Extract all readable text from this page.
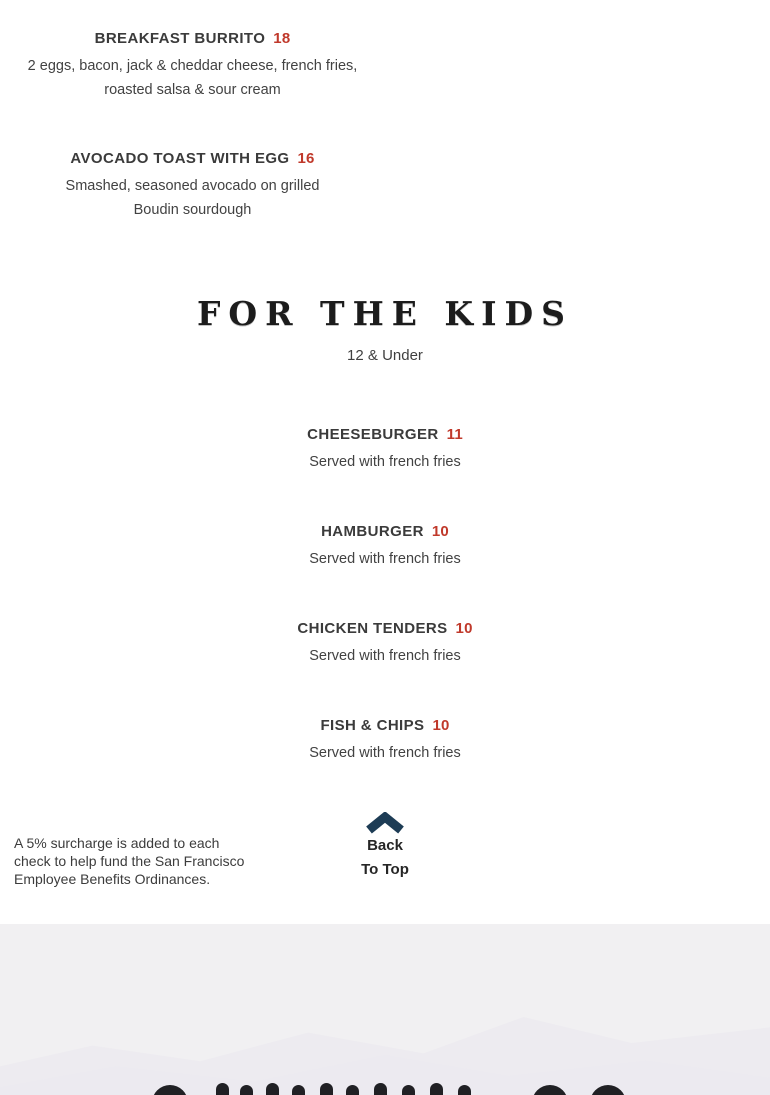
BREAKFAST BURRITO 18
2 eggs, bacon, jack & cheddar cheese, french fries, roasted salsa & sour cream
AVOCADO TOAST WITH EGG 16
Smashed, seasoned avocado on grilled Boudin sourdough
FOR THE KIDS
12 & Under
CHEESEBURGER 11
Served with french fries
HAMBURGER 10
Served with french fries
CHICKEN TENDERS 10
Served with french fries
FISH & CHIPS 10
Served with french fries

A 5% surcharge is added to each check to help fund the San Francisco Employee Benefits Ordinances.

Back
To Top
